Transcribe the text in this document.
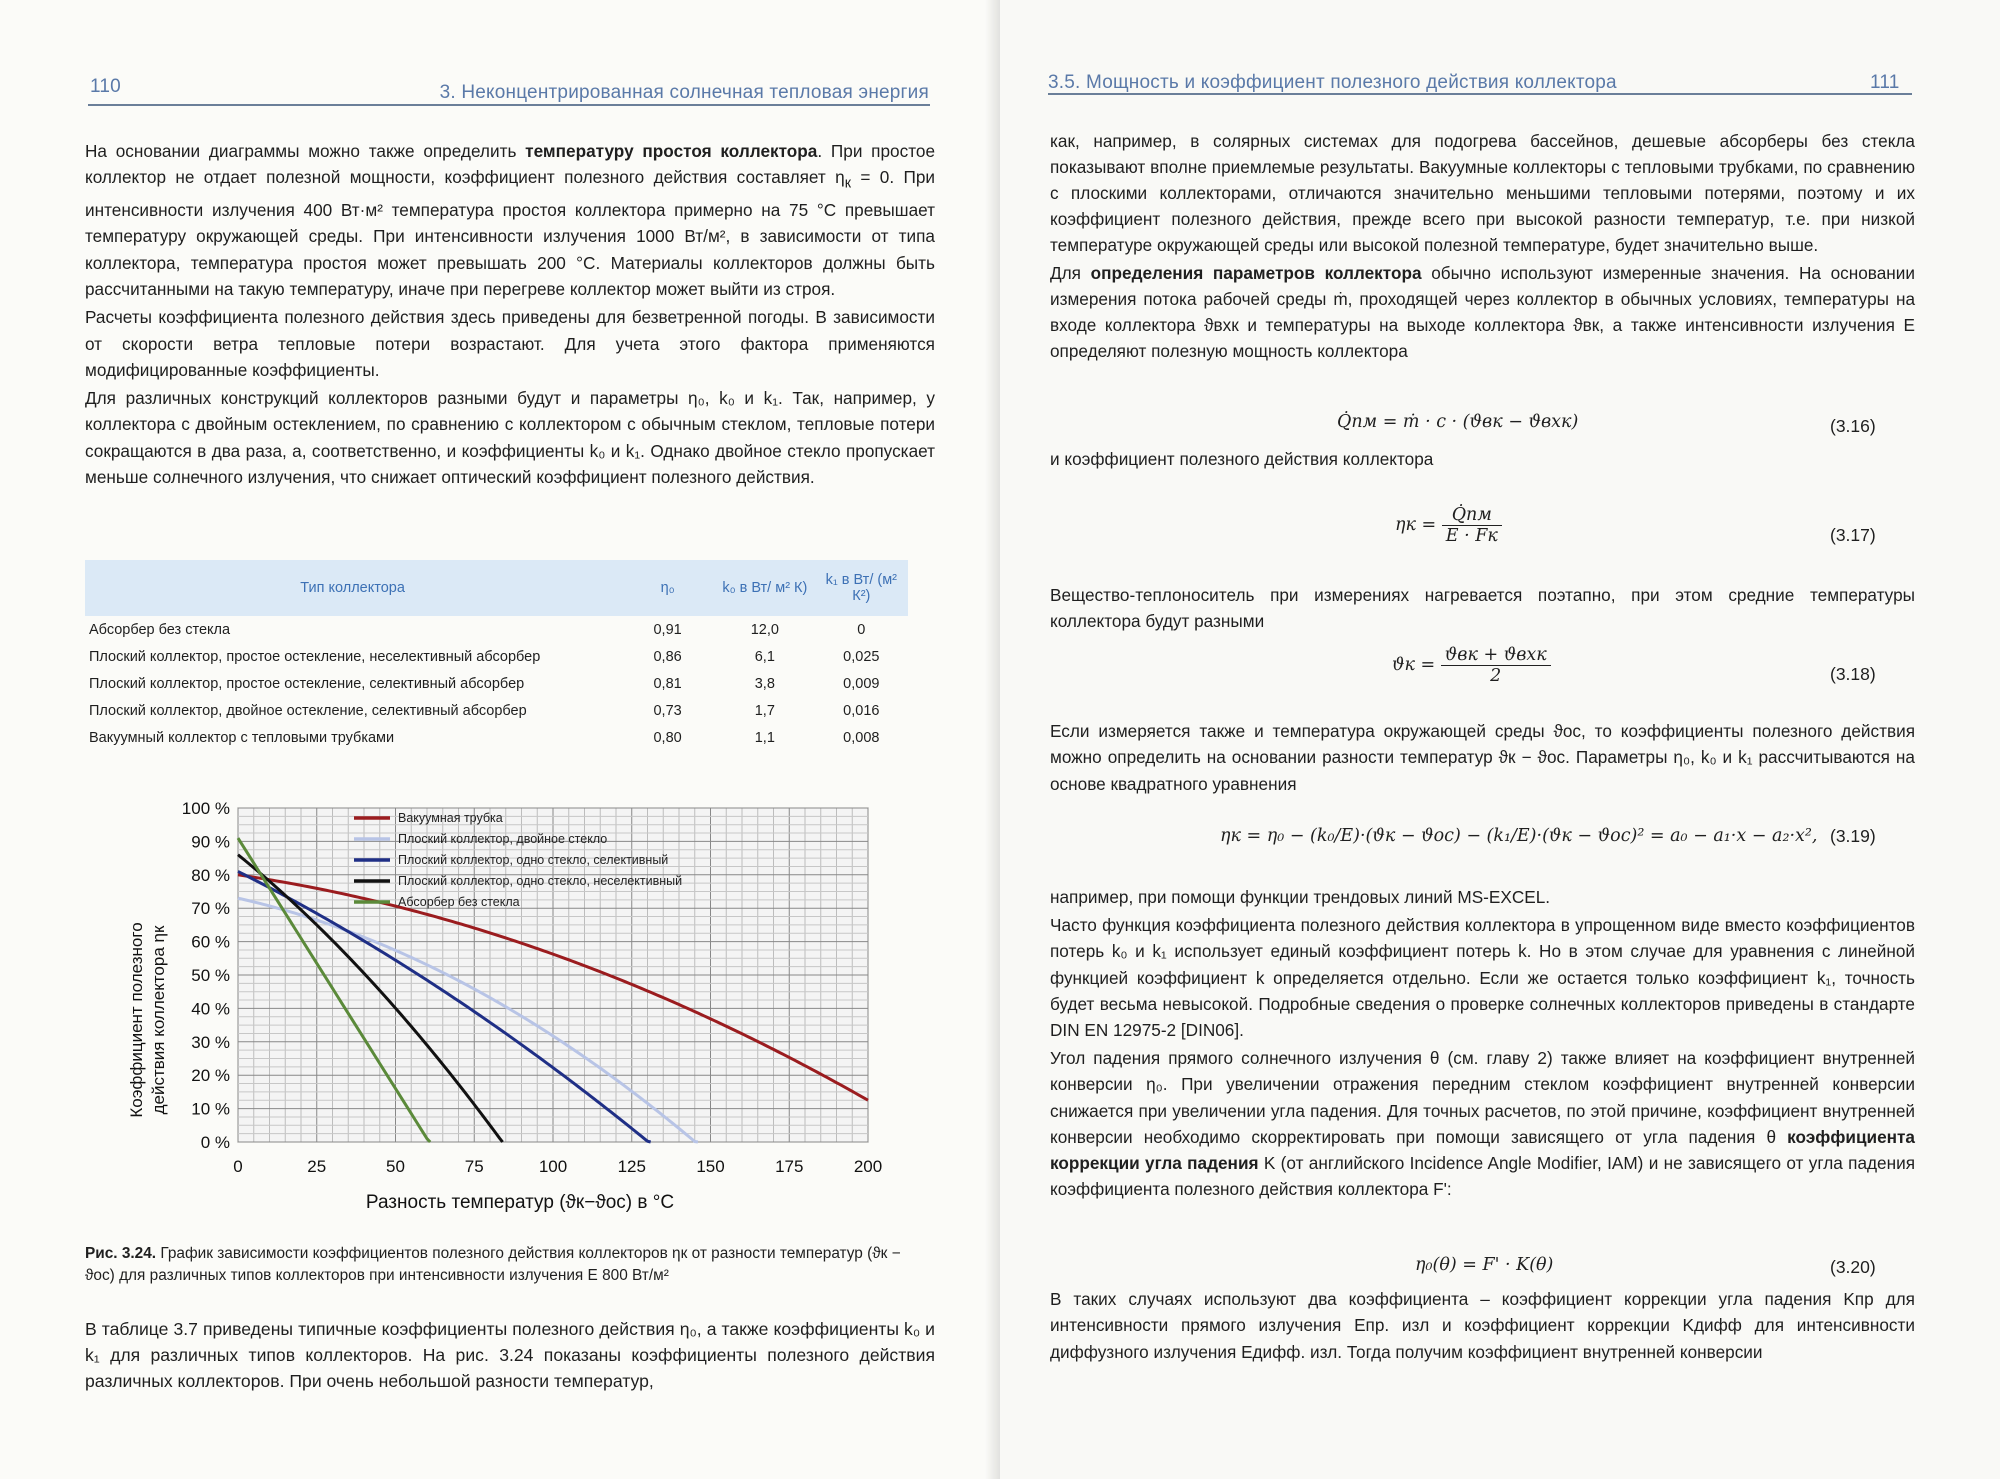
110	3. Неконцентрированная солнечная тепловая энергия

На основании диаграммы можно также определить температуру простоя коллектора. При простое коллектор не отдает полезной мощности, коэффициент полезного действия составляет $\eta_к = 0$. При интенсивности излучения 400 Вт·м² температура простоя коллектора примерно на 75 °С превышает температуру окружающей среды. При интенсивности излучения 1000 Вт/м², в зависимости от типа коллектора, температура простоя может превышать 200 °С. Материалы коллекторов должны быть рассчитанными на такую температуру, иначе при перегреве коллектор может выйти из строя.

Расчеты коэффициента полезного действия здесь приведены для безветренной погоды. В зависимости от скорости ветра тепловые потери возрастают. Для учета этого фактора применяются модифицированные коэффициенты.

Для различных конструкций коллекторов разными будут и параметры η₀, k₀ и k₁. Так, например, у коллектора с двойным остеклением, по сравнению с коллектором с обычным стеклом, тепловые потери сокращаются в два раза, а, соответственно, и коэффициенты k₀ и k₁. Однако двойное стекло пропускает меньше солнечного излучения, что снижает оптический коэффициент полезного действия.

Тип коллектора	η₀	k₀ в Вт/ м² К)	k₁ в Вт/ (м² К²)
Абсорбер без стекла	0,91	12,0	0
Плоский коллектор, простое остекление, неселективный абсорбер	0,86	6,1	0,025
Плоский коллектор, простое остекление, селективный абсорбер	0,81	3,8	0,009
Плоский коллектор, двойное остекление, селективный абсорбер	0,73	1,7	0,016
Вакуумный коллектор с тепловыми трубками	0,80	1,1	0,008
Вакуумная трубка
Плоский коллектор, двойное стекло
Плоский коллектор, одно стекло, селективный
Плоский коллектор, одно стекло, неселективный
Абсорбер без стекла
0 %
10 %
20 %
30 %
40 %
50 %
60 %
70 %
80 %
90 %
100 %
0	25	50	75	100	125	150	175	200
Разность температур (ϑк−ϑос) в °С
Коэффициент полезного действия коллектора ηк
Рис. 3.24. График зависимости коэффициентов полезного действия коллекторов ηк от разности температур (ϑк − ϑос) для различных типов коллекторов при интенсивности излучения Е 800 Вт/м²
В таблице 3.7 приведены типичные коэффициенты полезного действия η₀, а также коэффициенты k₀ и k₁ для различных типов коллекторов. На рис. 3.24 показаны коэффициенты полезного действия различных коллекторов. При очень небольшой разности температур,
3.5. Мощность и коэффициент полезного действия коллектора	111

как, например, в солярных системах для подогрева бассейнов, дешевые абсорберы без стекла показывают вполне приемлемые результаты. Вакуумные коллекторы с тепловыми трубками, по сравнению с плоскими коллекторами, отличаются значительно меньшими тепловыми потерями, поэтому и их коэффициент полезного действия, прежде всего при высокой разности температур, т.е. при низкой температуре окружающей среды или высокой полезной температуре, будет значительно выше.

Для определения параметров коллектора обычно используют измеренные значения. На основании измерения потока рабочей среды ṁ, проходящей через коллектор в обычных условиях, температуры на входе коллектора ϑвхк и температуры на выходе коллектора ϑвк, а также интенсивности излучения E определяют полезную мощность коллектора

Q̇пм = ṁ · c · (ϑвк − ϑвхк)	(3.16)
и коэффициент полезного действия коллектора
$\eta к = \frac{Q̇пм}{E \cdot Fк}$	(3.17)
Вещество-теплоноситель при измерениях нагревается поэтапно, при этом средние температуры коллектора будут разными
$ϑк = \frac{\text{ϑвк + ϑвхк}}{2}$	(3.18)
Если измеряется также и температура окружающей среды ϑос, то коэффициенты полезного действия можно определить на основании разности температур ϑк − ϑос. Параметры η₀, k₀ и k₁ рассчитываются на основе квадратного уравнения
ηк = η₀ − (k₀/E)·(ϑк − ϑос) − (k₁/E)·(ϑк − ϑос)² = a₀ − a₁·x − a₂·x², (3.19)

например, при помощи функции трендовых линий MS-EXCEL.

Часто функция коэффициента полезного действия коллектора в упрощенном виде вместо коэффициентов потерь k₀ и k₁ использует единый коэффициент потерь k. Но в этом случае для уравнения с линейной функцией коэффициент k определяется отдельно. Если же остается только коэффициент k₁, точность будет весьма невысокой. Подробные сведения о проверке солнечных коллекторов приведены в стандарте DIN EN 12975-2 [DIN06].

Угол падения прямого солнечного излучения θ (см. главу 2) также влияет на коэффициент внутренней конверсии η₀. При увеличении отражения передним стеклом коэффициент внутренней конверсии снижается при увеличении угла падения. Для точных расчетов, по этой причине, коэффициент внутренней конверсии необходимо скорректировать при помощи зависящего от угла падения θ коэффициента коррекции угла падения K (от английского Incidence Angle Modifier, IAM) и не зависящего от угла падения коэффициента полезного действия коллектора F':

η₀(θ) = F' · K(θ)	(3.20)
В таких случаях используют два коэффициента – коэффициент коррекции угла падения Kпр для интенсивности прямого излучения Eпр. изл и коэффициент коррекции Kдифф для интенсивности диффузного излучения Eдифф. изл. Тогда получим коэффициент внутренней конверсии
